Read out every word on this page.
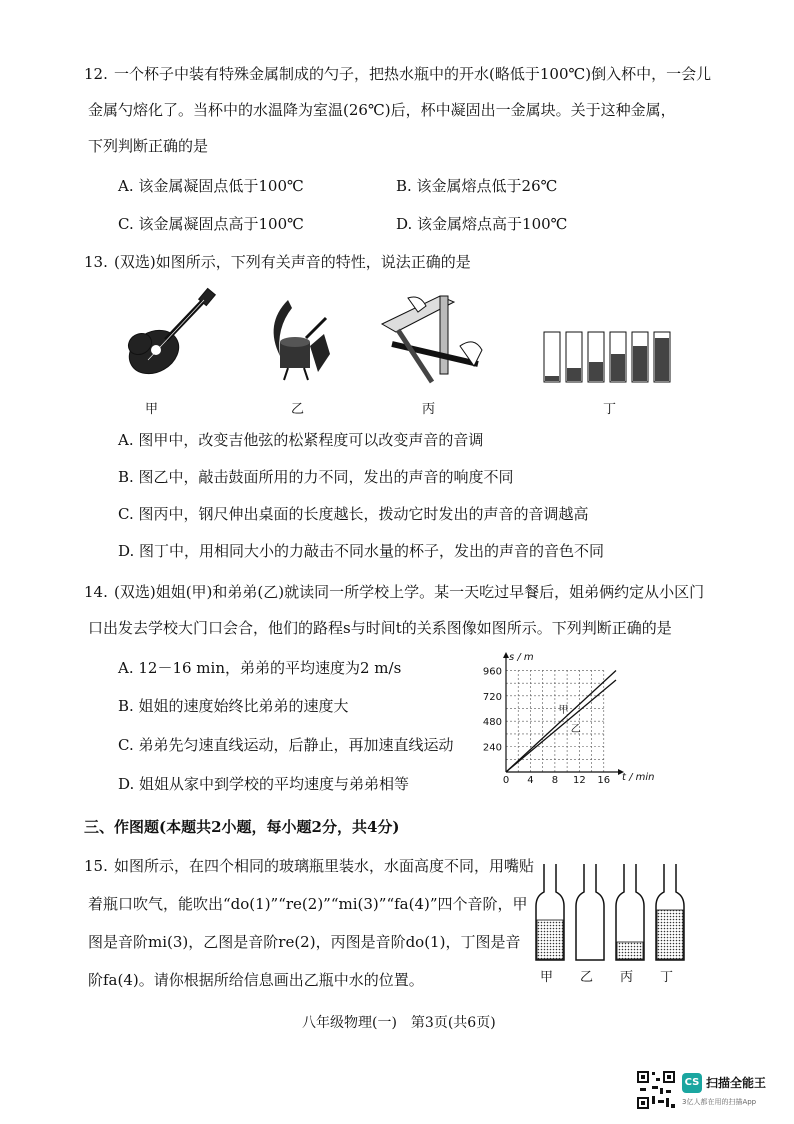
12. 一个杯子中装有特殊金属制成的勺子，把热水瓶中的开水(略低于100℃)倒入杯中，一会儿
金属勺熔化了。当杯中的水温降为室温(26℃)后，杯中凝固出一金属块。关于这种金属，
下列判断正确的是
A. 该金属凝固点低于100℃	B. 该金属熔点低于26℃
C. 该金属凝固点高于100℃	D. 该金属熔点高于100℃
13. (双选)如图所示，下列有关声音的特性，说法正确的是
甲	乙	丙	丁
A. 图甲中，改变吉他弦的松紧程度可以改变声音的音调
B. 图乙中，敲击鼓面所用的力不同，发出的声音的响度不同
C. 图丙中，钢尺伸出桌面的长度越长，拨动它时发出的声音的音调越高
D. 图丁中，用相同大小的力敲击不同水量的杯子，发出的声音的音色不同
14. (双选)姐姐(甲)和弟弟(乙)就读同一所学校上学。某一天吃过早餐后，姐弟俩约定从小区门
口出发去学校大门口会合，他们的路程s与时间t的关系图像如图所示。下列判断正确的是
A. 12－16 min，弟弟的平均速度为2 m/s
B. 姐姐的速度始终比弟弟的速度大
C. 弟弟先匀速直线运动，后静止，再加速直线运动
D. 姐姐从家中到学校的平均速度与弟弟相等	0 4 8 12 16
240
480
720
960
t / min
s / m
甲
乙
三、作图题(本题共2小题，每小题2分，共4分)
15. 如图所示，在四个相同的玻璃瓶里装水，水面高度不同，用嘴贴
着瓶口吹气，能吹出“do(1)”“re(2)”“mi(3)”“fa(4)”四个音阶，甲
图是音阶mi(3)，乙图是音阶re(2)，丙图是音阶do(1)，丁图是音
阶fa(4)。请你根据所给信息画出乙瓶中水的位置。	甲 乙 丙 丁
八年级物理(一)　第3页(共6页)
CS 扫描全能王
3亿人都在用的扫描App
